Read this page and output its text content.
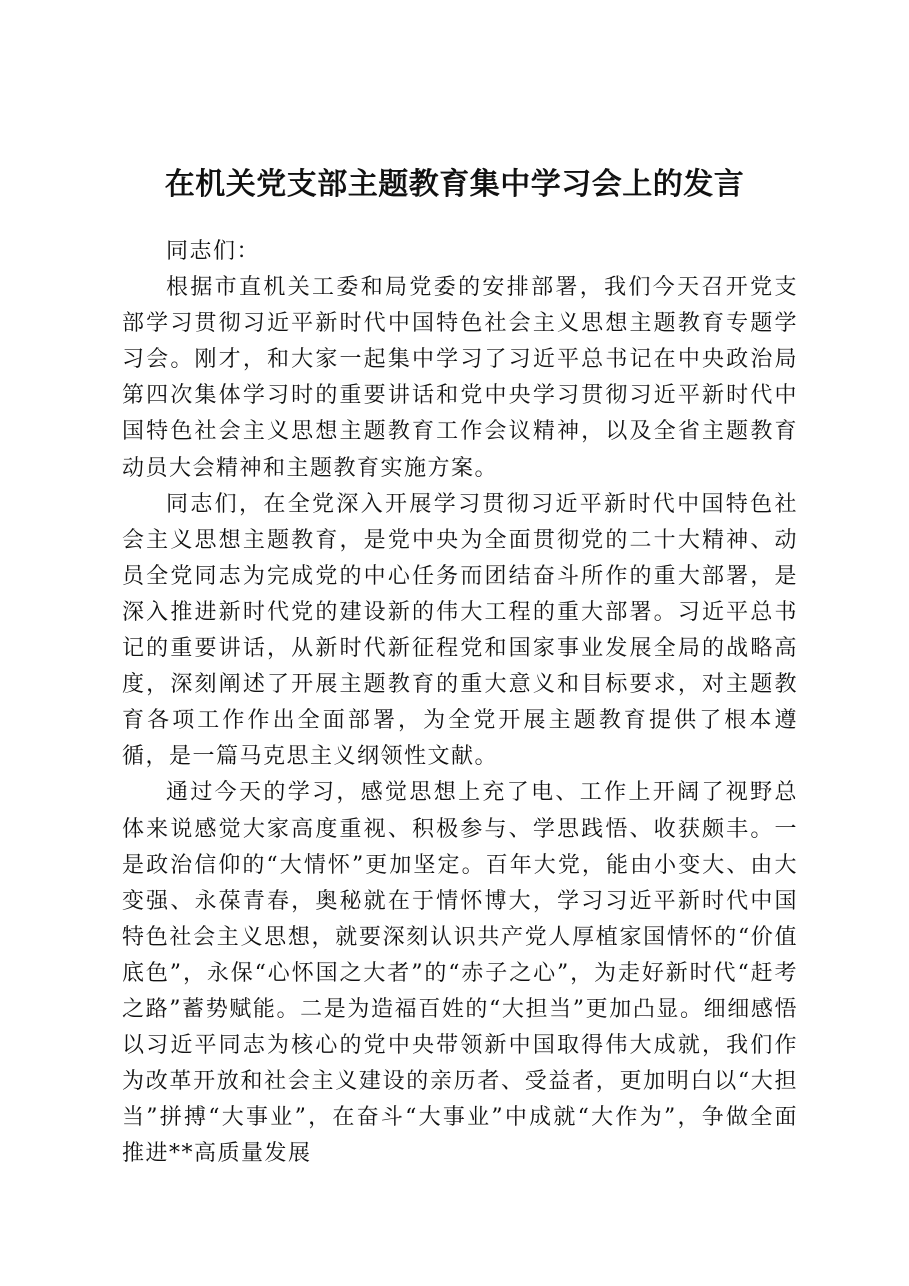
在机关党支部主题教育集中学习会上的发言

同志们：

根据市直机关工委和局党委的安排部署，我们今天召开党支部学习贯彻习近平新时代中国特色社会主义思想主题教育专题学习会。刚才，和大家一起集中学习了习近平总书记在中央政治局第四次集体学习时的重要讲话和党中央学习贯彻习近平新时代中国特色社会主义思想主题教育工作会议精神，以及全省主题教育动员大会精神和主题教育实施方案。

同志们，在全党深入开展学习贯彻习近平新时代中国特色社会主义思想主题教育，是党中央为全面贯彻党的二十大精神、动员全党同志为完成党的中心任务而团结奋斗所作的重大部署，是深入推进新时代党的建设新的伟大工程的重大部署。习近平总书记的重要讲话，从新时代新征程党和国家事业发展全局的战略高度，深刻阐述了开展主题教育的重大意义和目标要求，对主题教育各项工作作出全面部署，为全党开展主题教育提供了根本遵循，是一篇马克思主义纲领性文献。

通过今天的学习，感觉思想上充了电、工作上开阔了视野总体来说感觉大家高度重视、积极参与、学思践悟、收获颇丰。一是政治信仰的“大情怀”更加坚定。百年大党，能由小变大、由大变强、永葆青春，奥秘就在于情怀博大，学习习近平新时代中国特色社会主义思想，就要深刻认识共产党人厚植家国情怀的“价值底色”，永保“心怀国之大者”的“赤子之心”，为走好新时代“赶考之路”蓄势赋能。二是为造福百姓的“大担当”更加凸显。细细感悟以习近平同志为核心的党中央带领新中国取得伟大成就，我们作为改革开放和社会主义建设的亲历者、受益者，更加明白以“大担当”拼搏“大事业”，在奋斗“大事业”中成就“大作为”，争做全面推进**高质量发展
